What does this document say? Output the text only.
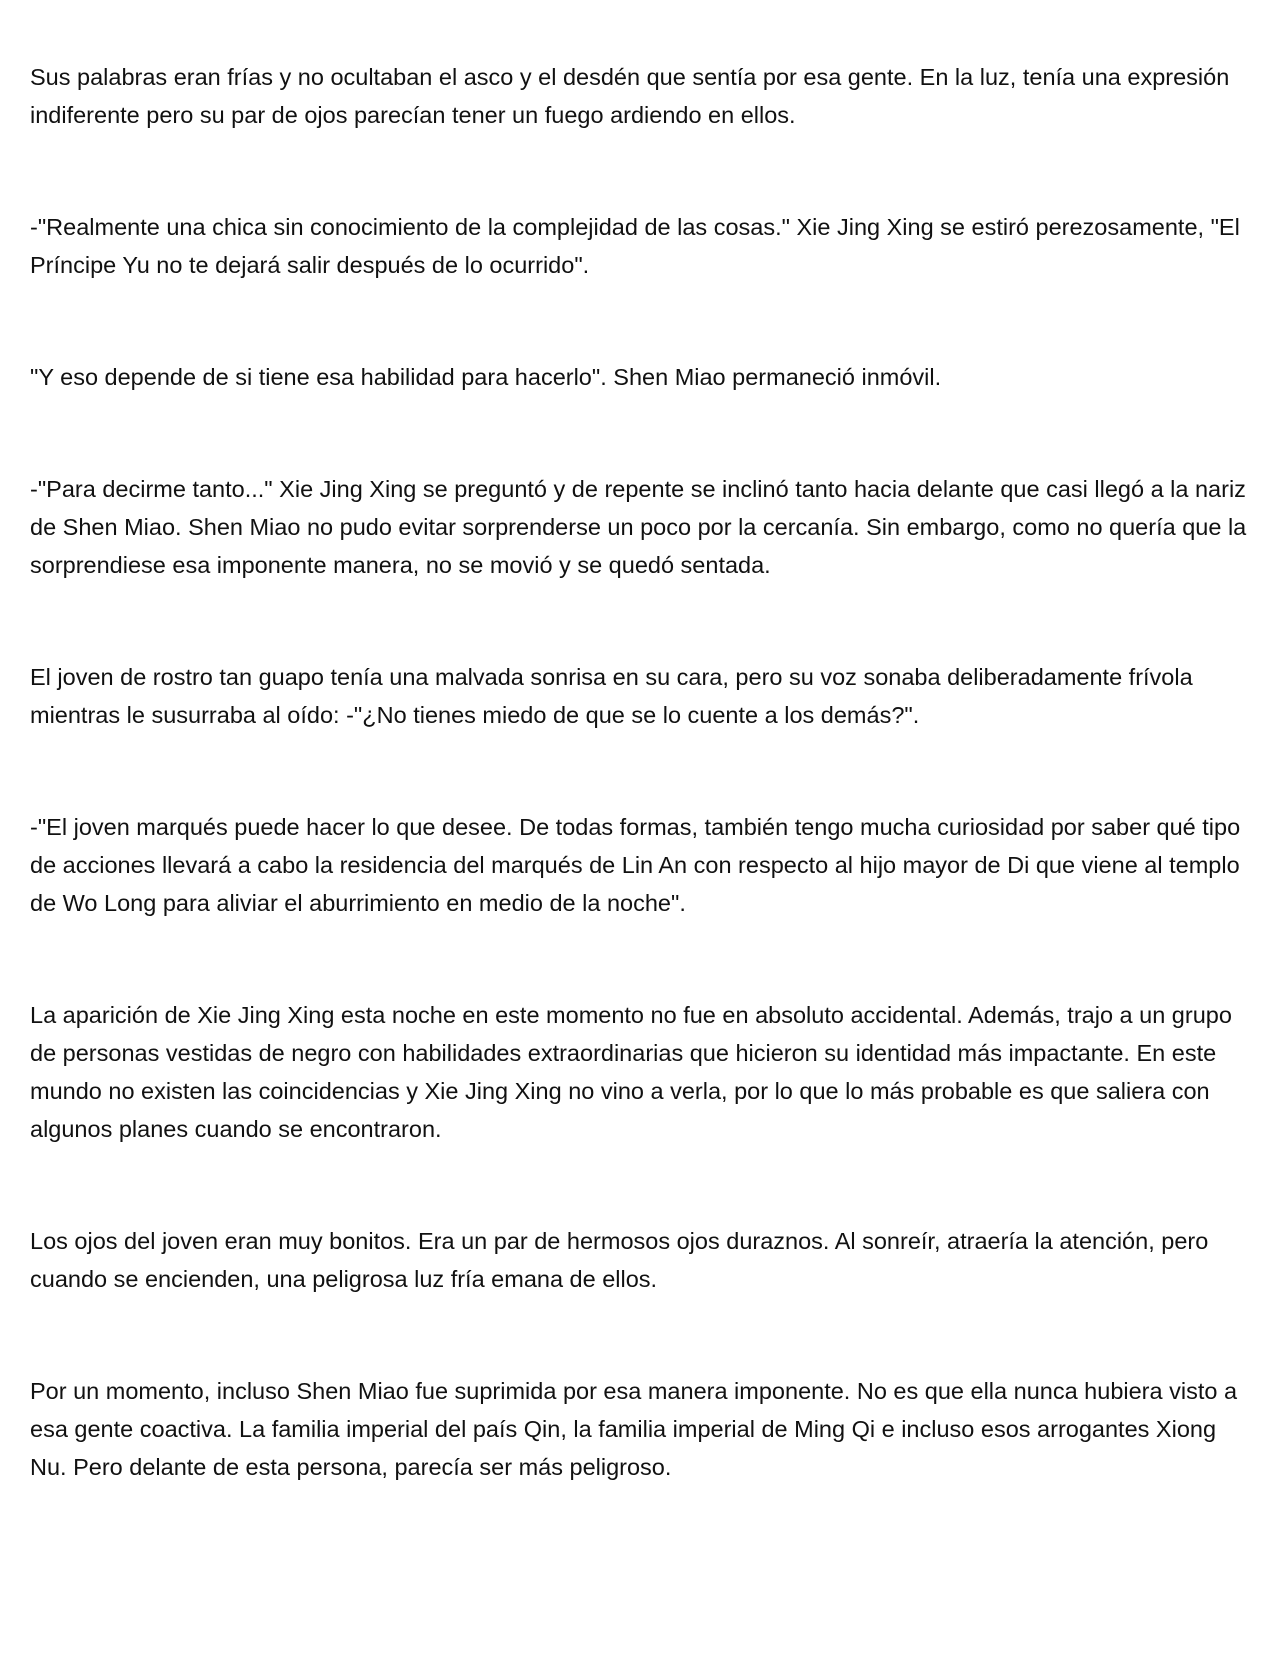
Sus palabras eran frías y no ocultaban el asco y el desdén que sentía por esa gente. En la luz, tenía una expresión indiferente pero su par de ojos parecían tener un fuego ardiendo en ellos.

-"Realmente una chica sin conocimiento de la complejidad de las cosas." Xie Jing Xing se estiró perezosamente, "El Príncipe Yu no te dejará salir después de lo ocurrido".

"Y eso depende de si tiene esa habilidad para hacerlo". Shen Miao permaneció inmóvil.

-"Para decirme tanto..." Xie Jing Xing se preguntó y de repente se inclinó tanto hacia delante que casi llegó a la nariz de Shen Miao. Shen Miao no pudo evitar sorprenderse un poco por la cercanía. Sin embargo, como no quería que la sorprendiese esa imponente manera, no se movió y se quedó sentada.

El joven de rostro tan guapo tenía una malvada sonrisa en su cara, pero su voz sonaba deliberadamente frívola mientras le susurraba al oído: -"¿No tienes miedo de que se lo cuente a los demás?".

-"El joven marqués puede hacer lo que desee. De todas formas, también tengo mucha curiosidad por saber qué tipo de acciones llevará a cabo la residencia del marqués de Lin An con respecto al hijo mayor de Di que viene al templo de Wo Long para aliviar el aburrimiento en medio de la noche".

La aparición de Xie Jing Xing esta noche en este momento no fue en absoluto accidental. Además, trajo a un grupo de personas vestidas de negro con habilidades extraordinarias que hicieron su identidad más impactante. En este mundo no existen las coincidencias y Xie Jing Xing no vino a verla, por lo que lo más probable es que saliera con algunos planes cuando se encontraron.

Los ojos del joven eran muy bonitos. Era un par de hermosos ojos duraznos. Al sonreír, atraería la atención, pero cuando se encienden, una peligrosa luz fría emana de ellos.

Por un momento, incluso Shen Miao fue suprimida por esa manera imponente. No es que ella nunca hubiera visto a esa gente coactiva. La familia imperial del país Qin, la familia imperial de Ming Qi e incluso esos arrogantes Xiong Nu. Pero delante de esta persona, parecía ser más peligroso.
